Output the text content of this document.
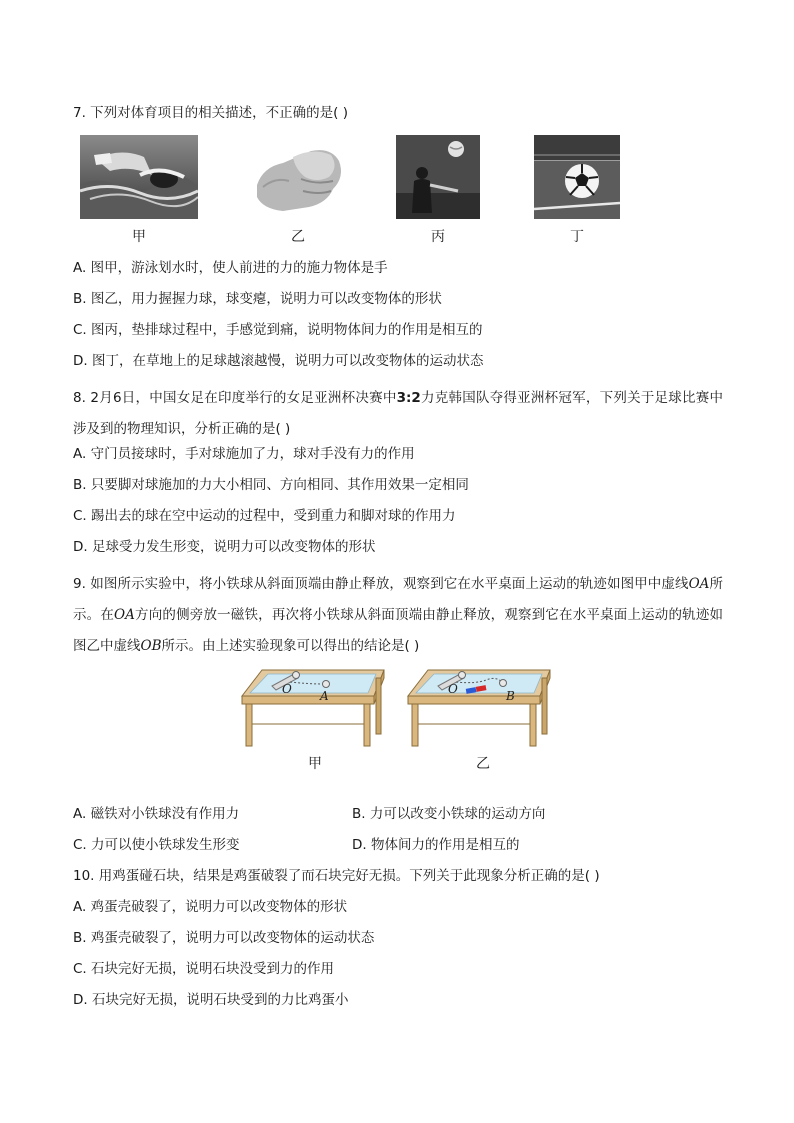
7. 下列对体育项目的相关描述，不正确的是( )
甲	乙	丙	丁
A. 图甲，游泳划水时，使人前进的力的施力物体是手
B. 图乙，用力握握力球，球变瘪，说明力可以改变物体的形状
C. 图丙，垫排球过程中，手感觉到痛，说明物体间力的作用是相互的
D. 图丁，在草地上的足球越滚越慢，说明力可以改变物体的运动状态
8. 2月6日，中国女足在印度举行的女足亚洲杯决赛中3:2力克韩国队夺得亚洲杯冠军，下列关于足球比赛中涉及到的物理知识，分析正确的是( )
A. 守门员接球时，手对球施加了力，球对手没有力的作用
B. 只要脚对球施加的力大小相同、方向相同、其作用效果一定相同
C. 踢出去的球在空中运动的过程中，受到重力和脚对球的作用力
D. 足球受力发生形变，说明力可以改变物体的形状
9. 如图所示实验中，将小铁球从斜面顶端由静止释放，观察到它在水平桌面上运动的轨迹如图甲中虚线OA所示。在OA方向的侧旁放一磁铁，再次将小铁球从斜面顶端由静止释放，观察到它在水平桌面上运动的轨迹如图乙中虚线OB所示。由上述实验现象可以得出的结论是( )
O A	O	B
甲	乙
A. 磁铁对小铁球没有作用力	B. 力可以改变小铁球的运动方向
C. 力可以使小铁球发生形变	D. 物体间力的作用是相互的
10. 用鸡蛋碰石块，结果是鸡蛋破裂了而石块完好无损。下列关于此现象分析正确的是( )
A. 鸡蛋壳破裂了，说明力可以改变物体的形状
B. 鸡蛋壳破裂了，说明力可以改变物体的运动状态
C. 石块完好无损，说明石块没受到力的作用
D. 石块完好无损，说明石块受到的力比鸡蛋小
